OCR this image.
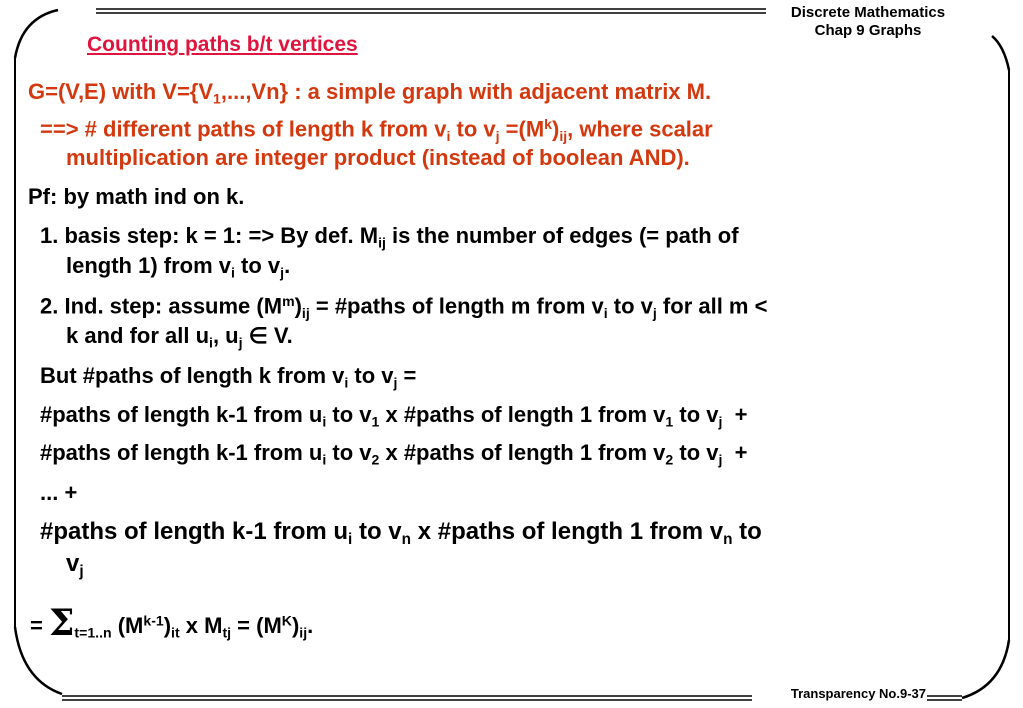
Discrete Mathematics
Chap 9 Graphs
Counting paths b/t vertices
G=(V,E) with $V=\{V_1,...,Vn\}$ : a simple graph with adjacent matrix M.
==> # different paths of length k from $v_i$ to $v_j =(M^k)_{ij}$, where scalar
multiplication are integer product (instead of boolean AND).
Pf: by math ind on k.
1. basis step: k = 1: => By def. $M_{ij}$ is the number of edges (= path of
length 1) from $v_i$ to $v_j$.
2. Ind. step: assume $(M^m)_{ij}$ = #paths of length m from $v_i$ to $v_j$ for all m <
k and for all $u_i$, $u_j$ ∈ V.
But #paths of length k from $v_i$ to $v_j$ =
#paths of length k-1 from $u_i$ to $v_1$ x #paths of length 1 from $v_1$ to $v_j$  +
#paths of length k-1 from $u_i$ to $v_2$ x #paths of length 1 from $v_2$ to $v_j$  +
... +
#paths of length k-1 from $u_i$ to $v_n$ x #paths of length 1 from $v_n$ to
$v_j$
= $\Sigma_{t=1..n}$ $(M^{k-1})_{it}$ x $M_{tj} = (M^K)_{ij}$.
Transparency No.9-37
